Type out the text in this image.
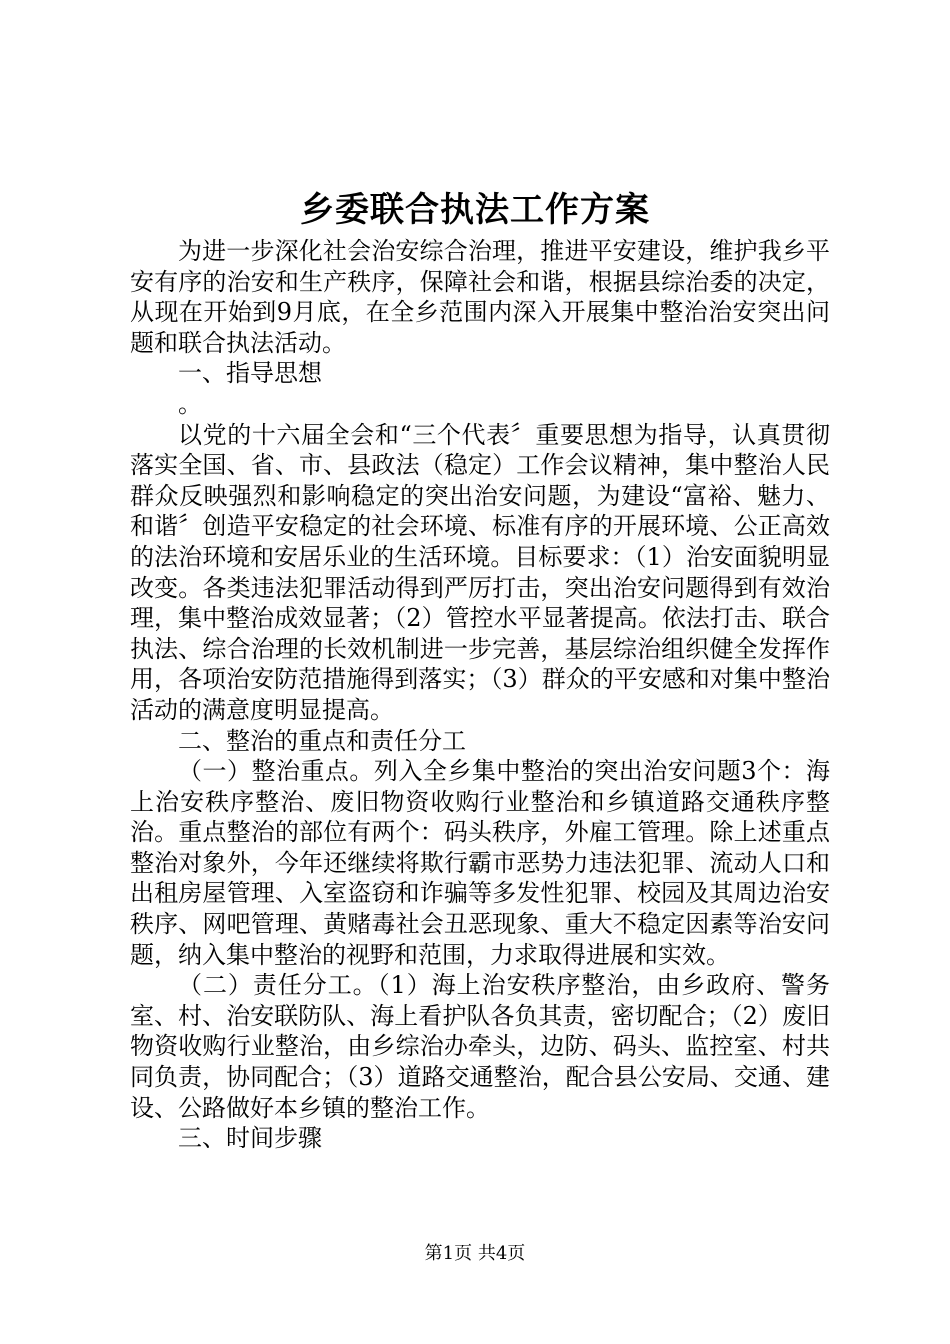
乡委联合执法工作方案

为进一步深化社会治安综合治理，推进平安建设，维护我乡平安有序的治安和生产秩序，保障社会和谐，根据县综治委的决定，从现在开始到9月底，在全乡范围内深入开展集中整治治安突出问题和联合执法活动。

一、指导思想

。

以党的十六届全会和“三个代表〞重要思想为指导，认真贯彻落实全国、省、市、县政法（稳定）工作会议精神，集中整治人民群众反映强烈和影响稳定的突出治安问题，为建设“富裕、魅力、和谐〞创造平安稳定的社会环境、标准有序的开展环境、公正高效的法治环境和安居乐业的生活环境。目标要求：（1）治安面貌明显改变。各类违法犯罪活动得到严厉打击，突出治安问题得到有效治理，集中整治成效显著；（2）管控水平显著提高。依法打击、联合执法、综合治理的长效机制进一步完善，基层综治组织健全发挥作用，各项治安防范措施得到落实；（3）群众的平安感和对集中整治活动的满意度明显提高。

二、整治的重点和责任分工

（一）整治重点。列入全乡集中整治的突出治安问题3个：海上治安秩序整治、废旧物资收购行业整治和乡镇道路交通秩序整治。重点整治的部位有两个：码头秩序，外雇工管理。除上述重点整治对象外，今年还继续将欺行霸市恶势力违法犯罪、流动人口和出租房屋管理、入室盗窃和诈骗等多发性犯罪、校园及其周边治安秩序、网吧管理、黄赌毒社会丑恶现象、重大不稳定因素等治安问题，纳入集中整治的视野和范围，力求取得进展和实效。

（二）责任分工。（1）海上治安秩序整治，由乡政府、警务室、村、治安联防队、海上看护队各负其责，密切配合；（2）废旧物资收购行业整治，由乡综治办牵头，边防、码头、监控室、村共同负责，协同配合；（3）道路交通整治，配合县公安局、交通、建设、公路做好本乡镇的整治工作。

三、时间步骤

第1页 共4页
